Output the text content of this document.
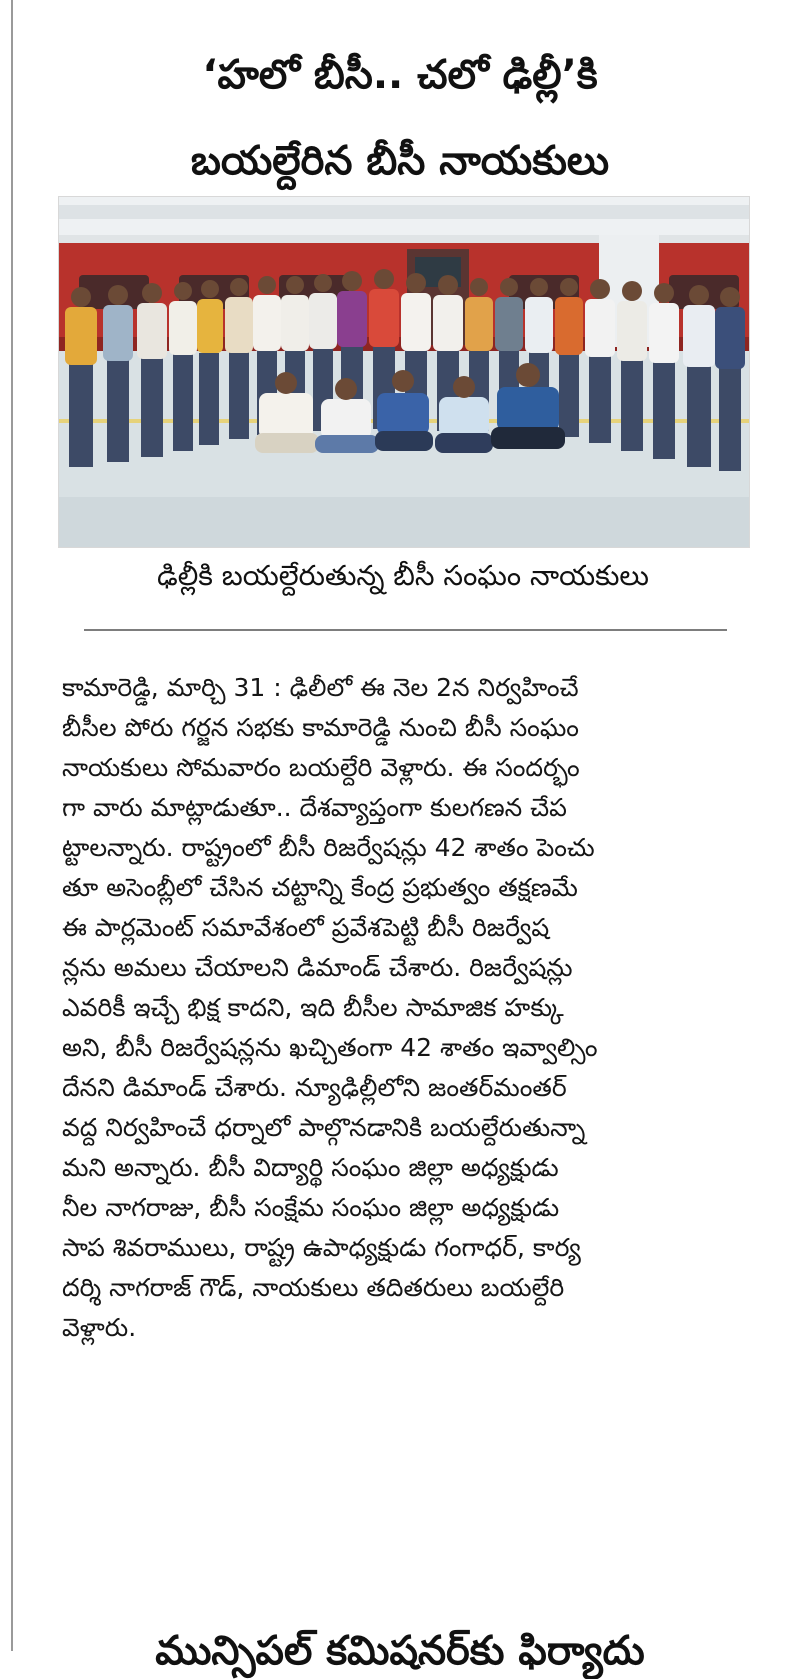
‘హలో బీసీ.. చలో ఢిల్లీ’కి
బయల్దేరిన బీసీ నాయకులు
ఢిల్లీకి బయల్దేరుతున్న బీసీ సంఘం నాయకులు
కామారెడ్డి, మార్చి 31 : ఢిలీలో ఈ నెల 2న నిర్వహించే
బీసీల పోరు గర్జన సభకు కామారెడ్డి నుంచి బీసీ సంఘం
నాయకులు సోమవారం బయల్దేరి వెళ్లారు. ఈ సందర్భం
గా వారు మాట్లాడుతూ.. దేశవ్యాప్తంగా కులగణన చేప
ట్టాలన్నారు. రాష్ట్రంలో బీసీ రిజర్వేషన్లు 42 శాతం పెంచు
తూ అసెంబ్లీలో చేసిన చట్టాన్ని కేంద్ర ప్రభుత్వం తక్షణమే
ఈ పార్లమెంట్ సమావేశంలో ప్రవేశపెట్టి బీసీ రిజర్వేష
న్లను అమలు చేయాలని డిమాండ్ చేశారు. రిజర్వేషన్లు
ఎవరికీ ఇచ్చే భిక్ష కాదని, ఇది బీసీల సామాజిక హక్కు
అని, బీసీ రిజర్వేషన్లను ఖచ్చితంగా 42 శాతం ఇవ్వాల్సిం
దేనని డిమాండ్ చేశారు. న్యూఢిల్లీలోని జంతర్‌మంతర్
వద్ద నిర్వహించే ధర్నాలో పాల్గొనడానికి బయల్దేరుతున్నా
మని అన్నారు. బీసీ విద్యార్థి సంఘం జిల్లా అధ్యక్షుడు
నీల నాగరాజు, బీసీ సంక్షేమ సంఘం జిల్లా అధ్యక్షుడు
సాప శివరాములు, రాష్ట్ర ఉపాధ్యక్షుడు గంగాధర్, కార్య
దర్శి నాగరాజ్ గౌడ్, నాయకులు తదితరులు బయల్దేరి
వెళ్లారు.
మున్సిపల్ కమిషనర్‌కు ఫిర్యాదు
